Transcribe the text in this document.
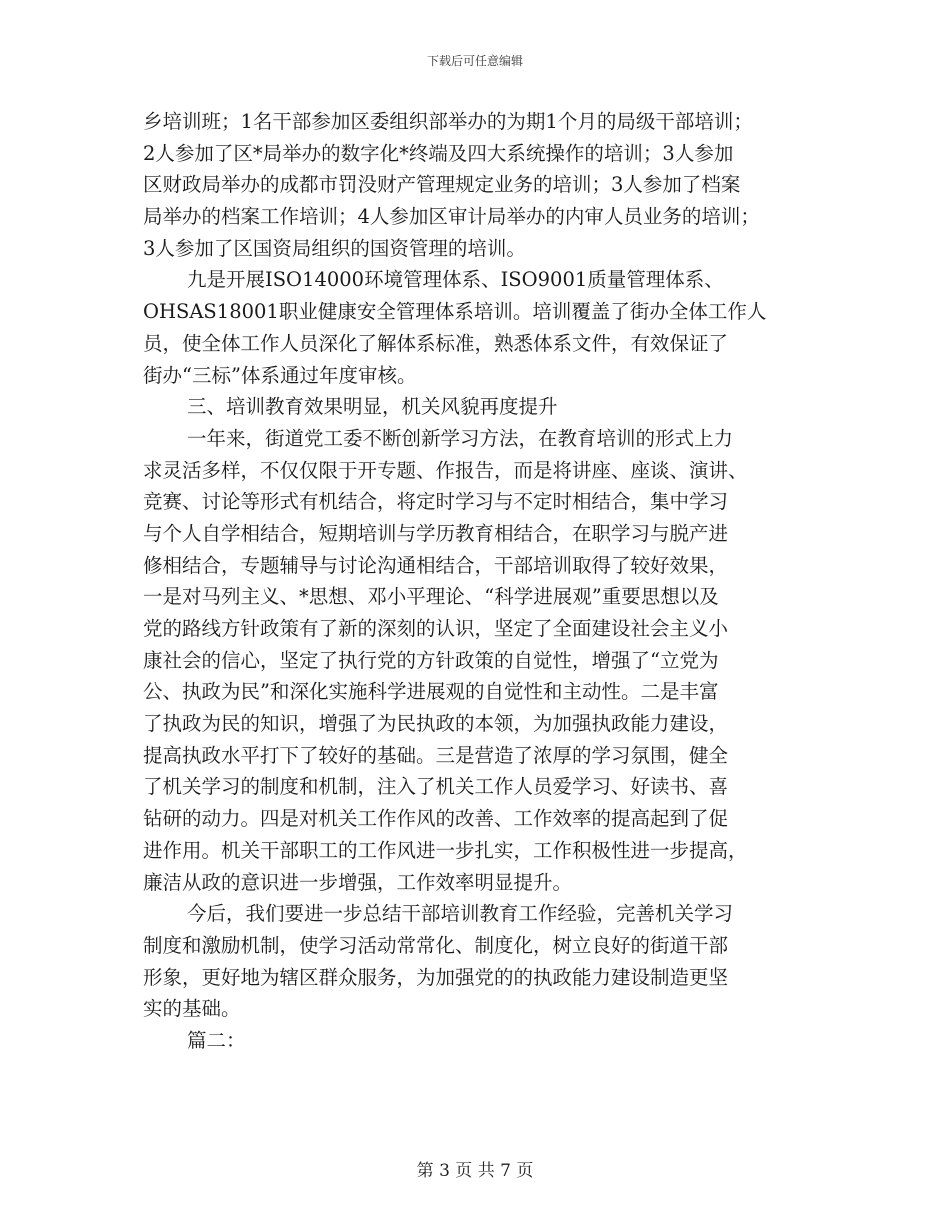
下载后可任意编辑
乡培训班；1名干部参加区委组织部举办的为期1个月的局级干部培训；
2人参加了区*局举办的数字化*终端及四大系统操作的培训；3人参加
区财政局举办的成都市罚没财产管理规定业务的培训；3人参加了档案
局举办的档案工作培训；4人参加区审计局举办的内审人员业务的培训；
3人参加了区国资局组织的国资管理的培训。
九是开展ISO14000环境管理体系、ISO9001质量管理体系、
OHSAS18001职业健康安全管理体系培训。培训覆盖了街办全体工作人
员，使全体工作人员深化了解体系标准，熟悉体系文件，有效保证了
街办“三标”体系通过年度审核。
三、培训教育效果明显，机关风貌再度提升
一年来，街道党工委不断创新学习方法，在教育培训的形式上力
求灵活多样，不仅仅限于开专题、作报告，而是将讲座、座谈、演讲、
竞赛、讨论等形式有机结合，将定时学习与不定时相结合，集中学习
与个人自学相结合，短期培训与学历教育相结合，在职学习与脱产进
修相结合，专题辅导与讨论沟通相结合，干部培训取得了较好效果，
一是对马列主义、*思想、邓小平理论、“科学进展观”重要思想以及
党的路线方针政策有了新的深刻的认识，坚定了全面建设社会主义小
康社会的信心，坚定了执行党的方针政策的自觉性，增强了“立党为
公、执政为民”和深化实施科学进展观的自觉性和主动性。二是丰富
了执政为民的知识，增强了为民执政的本领，为加强执政能力建设，
提高执政水平打下了较好的基础。三是营造了浓厚的学习氛围，健全
了机关学习的制度和机制，注入了机关工作人员爱学习、好读书、喜
钻研的动力。四是对机关工作作风的改善、工作效率的提高起到了促
进作用。机关干部职工的工作风进一步扎实，工作积极性进一步提高，
廉洁从政的意识进一步增强，工作效率明显提升。
今后，我们要进一步总结干部培训教育工作经验，完善机关学习
制度和激励机制，使学习活动常常化、制度化，树立良好的街道干部
形象，更好地为辖区群众服务，为加强党的的执政能力建设制造更坚
实的基础。
篇二：
第 3 页 共 7 页
